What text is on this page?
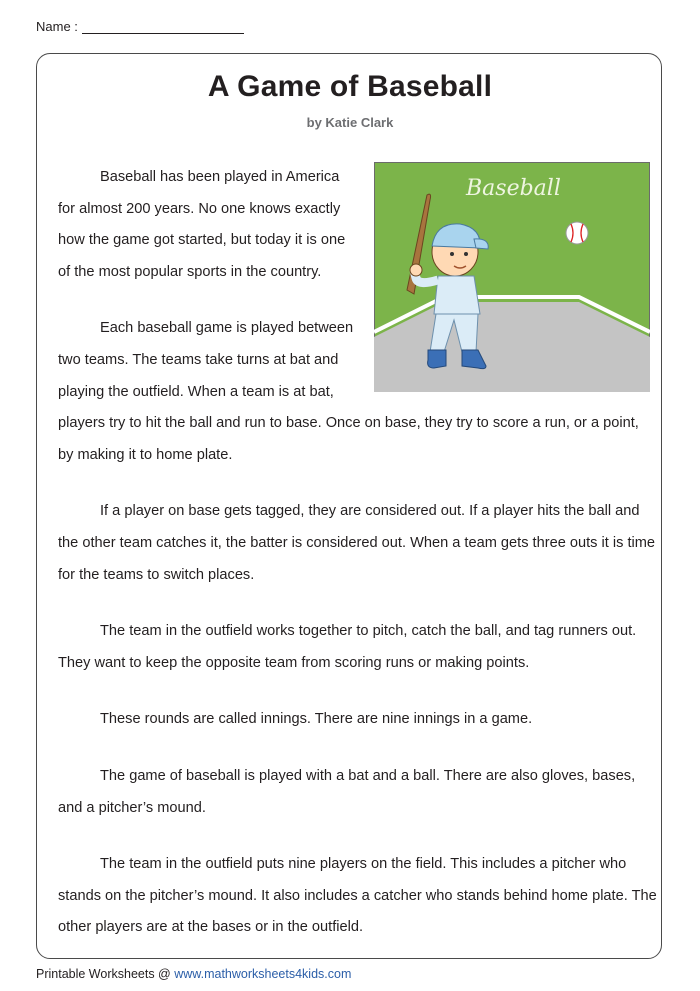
Name :
A Game of Baseball
by Katie Clark
Baseball

Baseball has been played in America for almost 200 years. No one knows exactly how the game got started, but today it is one of the most popular sports in the country.

Each baseball game is played between two teams. The teams take turns at bat and playing the outfield. When a team is at bat, players try to hit the ball and run to base. Once on base, they try to score a run, or a point, by making it to home plate.

If a player on base gets tagged, they are considered out. If a player hits the ball and the other team catches it, the batter is considered out. When a team gets three outs it is time for the teams to switch places.

The team in the outfield works together to pitch, catch the ball, and tag runners out. They want to keep the opposite team from scoring runs or making points.

These rounds are called innings. There are nine innings in a game.

The game of baseball is played with a bat and a ball. There are also gloves, bases, and a pitcher’s mound.

The team in the outfield puts nine players on the field. This includes a pitcher who stands on the pitcher’s mound. It also includes a catcher who stands behind home plate. The other players are at the bases or in the outfield.

Printable Worksheets @ www.mathworksheets4kids.com
